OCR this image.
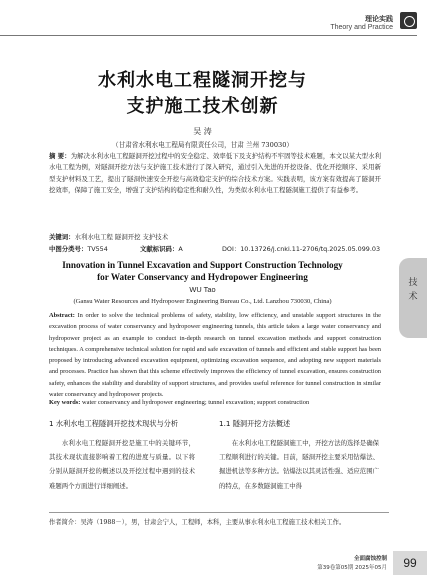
理论实践
Theory and Practice
水利水电工程隧洞开挖与
支护施工技术创新
吴 涛
（甘肃省水利水电工程局有限责任公司，甘肃 兰州 730030）
摘 要：为解决水利水电工程隧洞开挖过程中的安全稳定、效率低下及支护结构不牢固等技术难题，本文以某大型水利水电工程为例，对隧洞开挖方法与支护施工技术进行了深入研究，通过引入先进的开挖设备、优化开挖顺序、采用新型支护材料及工艺，提出了隧洞快速安全开挖与高效稳定支护的综合技术方案。实践表明，该方案有效提高了隧洞开挖效率，保障了施工安全，增强了支护结构的稳定性和耐久性，为类似水利水电工程隧洞施工提供了有益参考。
关键词：水利水电工程 隧洞开挖 支护技术
中图分类号：TV554	文献标识码：A	DOI：10.13726/j.cnki.11-2706/tq.2025.05.099.03
Innovation in Tunnel Excavation and Support Construction Technology
for Water Conservancy and Hydropower Engineering
WU Tao
(Gansu Water Resources and Hydropower Engineering Bureau Co., Ltd. Lanzhou 730030, China)
Abstract: In order to solve the technical problems of safety, stability, low efficiency, and unstable support structures in the excavation process of water conservancy and hydropower engineering tunnels, this article takes a large water conservancy and hydropower project as an example to conduct in-depth research on tunnel excavation methods and support construction techniques. A comprehensive technical solution for rapid and safe excavation of tunnels and efficient and stable support has been proposed by introducing advanced excavation equipment, optimizing excavation sequence, and adopting new support materials and processes. Practice has shown that this scheme effectively improves the efficiency of tunnel excavation, ensures construction safety, enhances the stability and durability of support structures, and provides useful reference for tunnel construction in similar water conservancy and hydropower projects.
Key words: water conservancy and hydropower engineering; tunnel excavation; support construction
1 水利水电工程隧洞开挖技术现状与分析
水利水电工程隧洞开挖是施工中的关键环节，其技术现状直接影响着工程的进度与质量。以下将分别从隧洞开挖的概述以及开挖过程中遇到的技术难题两个方面进行详细阐述。
1.1 隧洞开挖方法概述
在水利水电工程隧洞施工中，开挖方法的选择是确保工程顺利进行的关键。目前，隧洞开挖主要采用钻爆法、掘进机法等多种方法。钻爆法以其灵活性强、适应范围广的特点，在多数隧洞施工中得
作者简介：吴涛（1988－），男，甘肃会宁人，工程师，本科，主要从事水利水电工程施工技术相关工作。
技术
全面腐蚀控制
第39卷第05期 2025年05月	99
